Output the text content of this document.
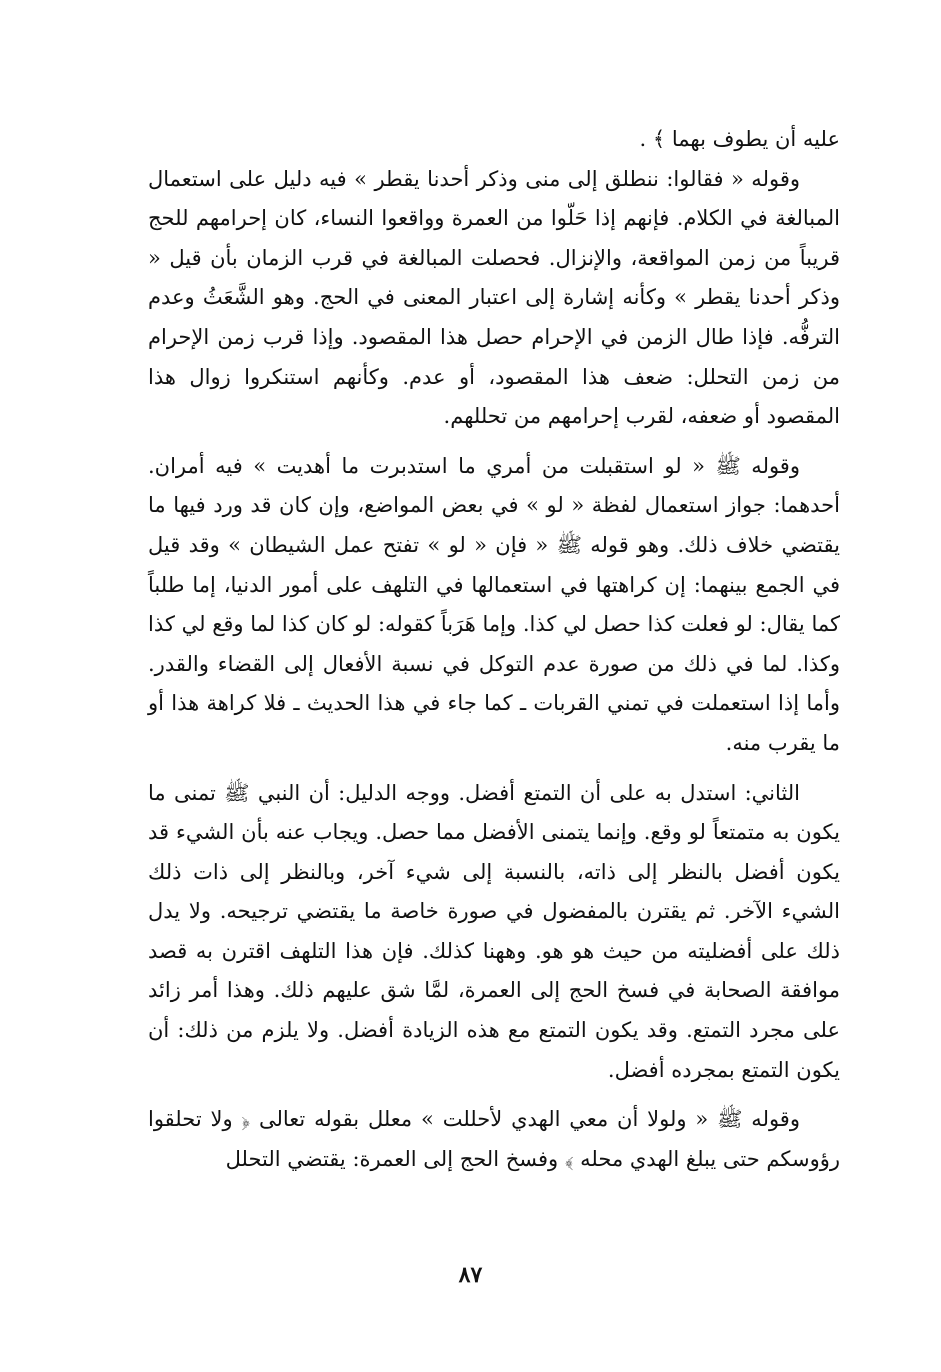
عليه أن يطوف بهما ﴾ .

وقوله « فقالوا: ننطلق إلى منى وذكر أحدنا يقطر » فيه دليل على استعمال المبالغة في الكلام. فإنهم إذا حَلّوا من العمرة وواقعوا النساء، كان إحرامهم للحج قريباً من زمن المواقعة، والإنزال. فحصلت المبالغة في قرب الزمان بأن قيل « وذكر أحدنا يقطر » وكأنه إشارة إلى اعتبار المعنى في الحج. وهو الشَّعَثُ وعدم الترفُّه. فإذا طال الزمن في الإحرام حصل هذا المقصود. وإذا قرب زمن الإحرام من زمن التحلل: ضعف هذا المقصود، أو عدم. وكأنهم استنكروا زوال هذا المقصود أو ضعفه، لقرب إحرامهم من تحللهم.

وقوله ﷺ « لو استقبلت من أمري ما استدبرت ما أهديت » فيه أمران. أحدهما: جواز استعمال لفظة « لو » في بعض المواضع، وإن كان قد ورد فيها ما يقتضي خلاف ذلك. وهو قوله ﷺ « فإن « لو » تفتح عمل الشيطان » وقد قيل في الجمع بينهما: إن كراهتها في استعمالها في التلهف على أمور الدنيا، إما طلباً كما يقال: لو فعلت كذا حصل لي كذا. وإما هَرَباً كقوله: لو كان كذا لما وقع لي كذا وكذا. لما في ذلك من صورة عدم التوكل في نسبة الأفعال إلى القضاء والقدر. وأما إذا استعملت في تمني القربات ـ كما جاء في هذا الحديث ـ فلا كراهة هذا أو ما يقرب منه.

الثاني: استدل به على أن التمتع أفضل. ووجه الدليل: أن النبي ﷺ تمنى ما يكون به متمتعاً لو وقع. وإنما يتمنى الأفضل مما حصل. ويجاب عنه بأن الشيء قد يكون أفضل بالنظر إلى ذاته، بالنسبة إلى شيء آخر، وبالنظر إلى ذات ذلك الشيء الآخر. ثم يقترن بالمفضول في صورة خاصة ما يقتضي ترجيحه. ولا يدل ذلك على أفضليته من حيث هو هو. وههنا كذلك. فإن هذا التلهف اقترن به قصد موافقة الصحابة في فسخ الحج إلى العمرة، لمَّا شق عليهم ذلك. وهذا أمر زائد على مجرد التمتع. وقد يكون التمتع مع هذه الزيادة أفضل. ولا يلزم من ذلك: أن يكون التمتع بمجرده أفضل.

وقوله ﷺ « ولولا أن معي الهدي لأحللت » معلل بقوله تعالى ﴿ ولا تحلقوا رؤوسكم حتى يبلغ الهدي محله ﴾ وفسخ الحج إلى العمرة: يقتضي التحلل

٨٧
